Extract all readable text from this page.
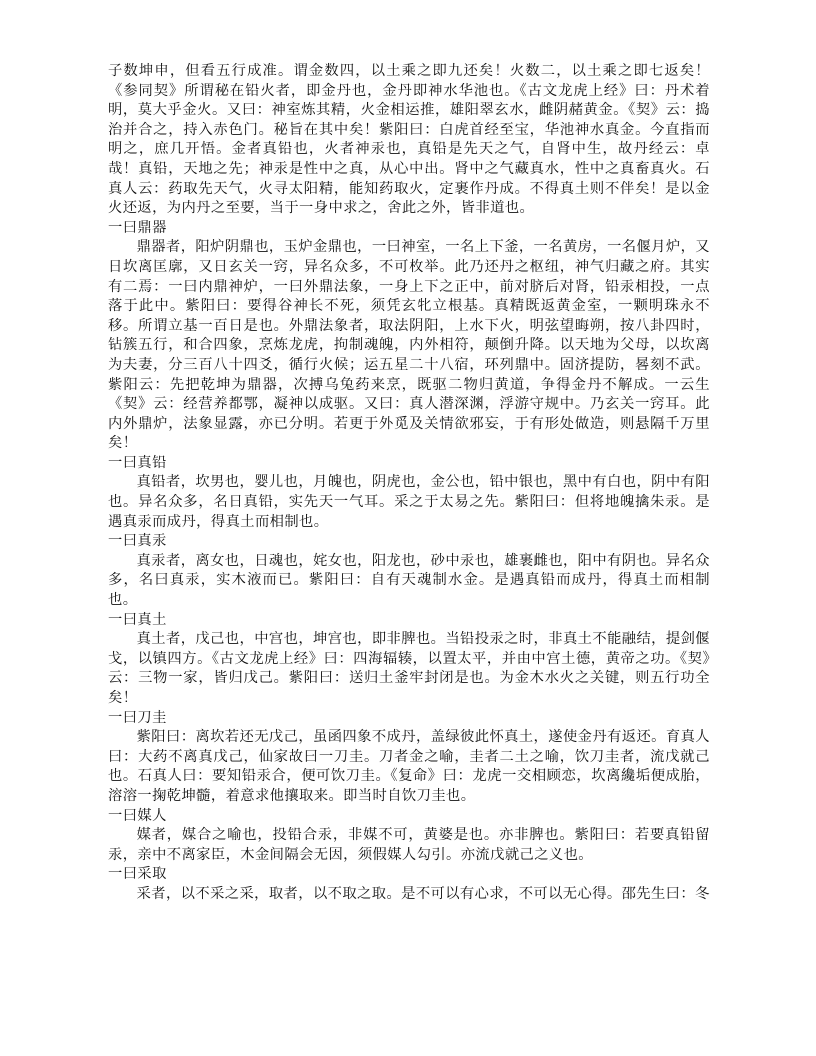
子数坤申，但看五行成准。谓金数四，以土乘之即九还矣！火数二，以土乘之即七返矣！《参同契》所谓秘在铅火者，即金丹也，金丹即神水华池也。《古文龙虎上经》曰：丹术着明，莫大乎金火。又曰：神室炼其精，火金相运推，雄阳翠玄水，雌阴赭黄金。《契》云：捣治并合之，持入赤色门。秘旨在其中矣！紫阳曰：白虎首经至宝，华池神水真金。今直指而明之，庶几开悟。金者真铅也，火者神汞也，真铅是先天之气，自肾中生，故丹经云：卓哉！真铅，天地之先；神汞是性中之真，从心中出。肾中之气藏真水，性中之真畜真火。石真人云：药取先天气，火寻太阳精，能知药取火，定裹作丹成。不得真土则不伴矣！是以金火还返，为内丹之至要，当于一身中求之，舍此之外，皆非道也。

一曰鼎器

鼎器者，阳炉阴鼎也，玉炉金鼎也，一曰神室，一名上下釜，一名黄房，一名偃月炉，又日坎离匡廓，又日玄关一窍，异名众多，不可枚举。此乃还丹之枢纽，神气归藏之府。其实有二焉：一曰内鼎神炉，一曰外鼎法象，一身上下之正中，前对脐后对肾，铅汞相投，一点落于此中。紫阳曰：要得谷神长不死，须凭玄牝立根基。真精既返黄金室，一颗明珠永不移。所谓立基一百日是也。外鼎法象者，取法阴阳，上水下火，明弦望晦朔，按八卦四时，钻簇五行，和合四象，烹炼龙虎，拘制魂魄，内外相符，颠倒升降。以天地为父母，以坎离为夫妻，分三百八十四爻，循行火候；运五星二十八宿，环列鼎中。固济提防，晷刻不武。紫阳云：先把乾坤为鼎器，次搏乌兔药来烹，既驱二物归黄道，争得金丹不解成。一云生《契》云：经营养都鄂，凝神以成驱。又曰：真人潜深渊，浮游守规中。乃玄关一窍耳。此内外鼎炉，法象显露，亦已分明。若更于外觅及关情欲邪妄，于有形处做造，则悬隔千万里矣！

一曰真铅

真铅者，坎男也，婴儿也，月魄也，阴虎也，金公也，铅中银也，黑中有白也，阴中有阳也。异名众多，名日真铅，实先天一气耳。采之于太易之先。紫阳曰：但将地魄擒朱汞。是遇真汞而成丹，得真土而相制也。

一曰真汞

真汞者，离女也，日魂也，姹女也，阳龙也，砂中汞也，雄裹雌也，阳中有阴也。异名众多，名曰真汞，实木液而已。紫阳曰：自有天魂制水金。是遇真铅而成丹，得真土而相制也。

一曰真土

真土者，戊己也，中宫也，坤宫也，即非脾也。当铅投汞之时，非真土不能融结，提剑偃戈，以镇四方。《古文龙虎上经》曰：四海辐辏，以置太平，并由中宫土德，黄帝之功。《契》云：三物一家，皆归戊己。紫阳曰：送归土釜牢封闭是也。为金木水火之关键，则五行功全矣！

一曰刀圭

紫阳曰：离坎若还无戊己，虽函四象不成丹，盖绿彼此怀真土，遂使金丹有返还。育真人曰：大药不离真戊己，仙家故曰一刀圭。刀者金之喻，圭者二土之喻，饮刀圭者，流戊就己也。石真人曰：要知铅汞合，便可饮刀圭。《复命》曰：龙虎一交相顾恋，坎离纔垢便成胎，溶溶一掬乾坤髓，着意求他攘取来。即当时自饮刀圭也。

一曰媒人

媒者，媒合之喻也，投铅合汞，非媒不可，黄婆是也。亦非脾也。紫阳曰：若要真铅留汞，亲中不离家臣，木金间隔会无因，须假媒人勾引。亦流戊就己之义也。

一曰采取

采者，以不采之采，取者，以不取之取。是不可以有心求，不可以无心得。邵先生曰：冬
